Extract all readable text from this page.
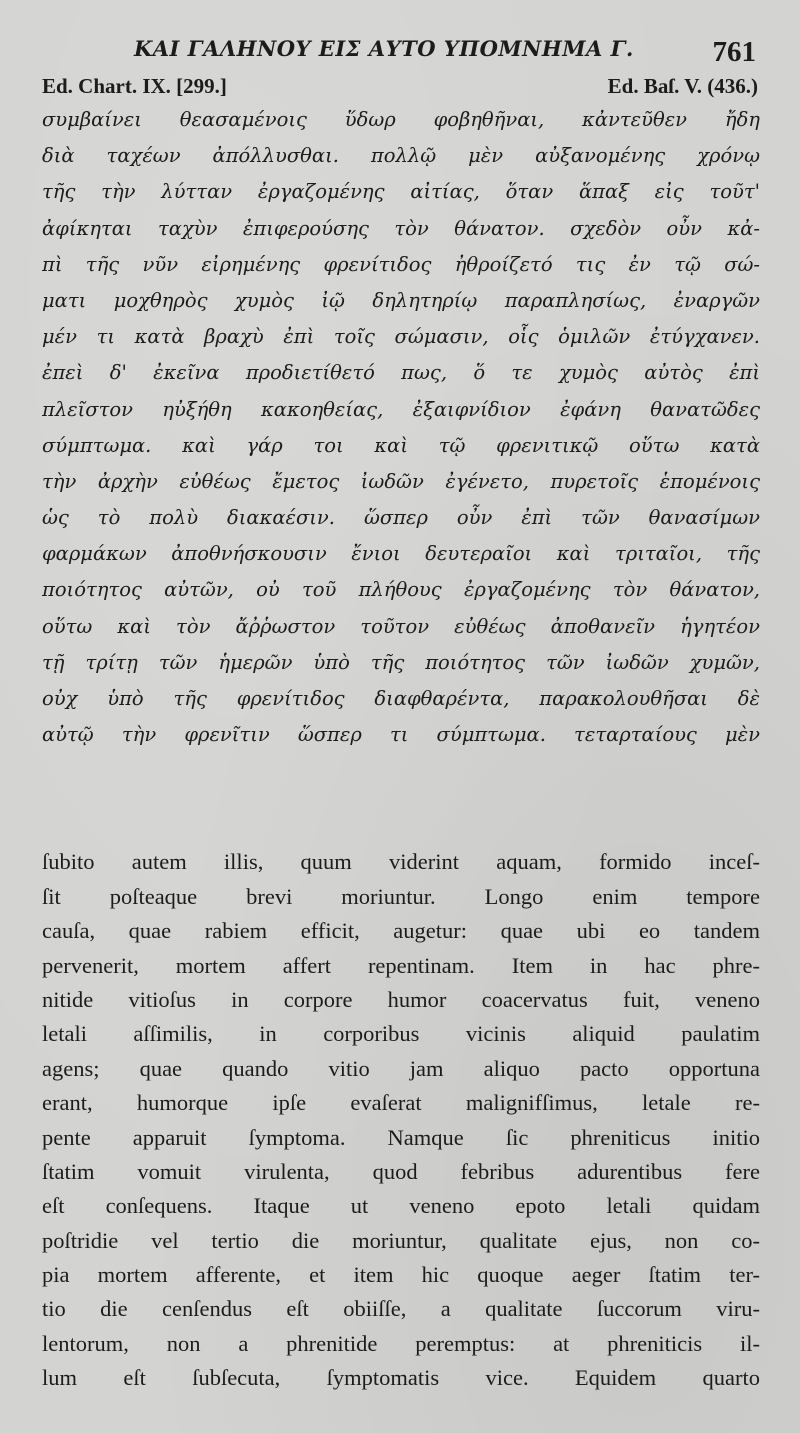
ΚΑΙ ΓΑΛΗΝΟΥ ΕΙΣ ΑΥΤΟ ΥΠΟΜΝΗΜΑ Γ.	761
Ed. Chart. IX. [299.]	Ed. Baſ. V. (436.)
συμβαίνει θεασαμένοις ὕδωρ φοβηθῆναι, κἀντεῦθεν ἤδη
διὰ ταχέων ἀπόλλυσθαι. πολλῷ μὲν αὐξανομένης χρόνῳ
τῆς τὴν λύτταν ἐργαζομένης αἰτίας, ὅταν ἅπαξ εἰς τοῦτ'
ἀφίκηται ταχὺν ἐπιφερούσης τὸν θάνατον. σχεδὸν οὖν κἀ-
πὶ τῆς νῦν εἰρημένης φρενίτιδος ἠθροίζετό τις ἐν τῷ σώ-
ματι μοχθηρὸς χυμὸς ἰῷ δηλητηρίῳ παραπλησίως, ἐναργῶν
μέν τι κατὰ βραχὺ ἐπὶ τοῖς σώμασιν, οἷς ὁμιλῶν ἐτύγχανεν.
ἐπεὶ δ' ἐκεῖνα προδιετίθετό πως, ὅ τε χυμὸς αὐτὸς ἐπὶ
πλεῖστον ηὐξήθη κακοηθείας, ἐξαιφνίδιον ἐφάνη θανατῶδες
σύμπτωμα. καὶ γάρ τοι καὶ τῷ φρενιτικῷ οὕτω κατὰ
τὴν ἀρχὴν εὐθέως ἔμετος ἰωδῶν ἐγένετο, πυρετοῖς ἑπομένοις
ὡς τὸ πολὺ διακαέσιν. ὥσπερ οὖν ἐπὶ τῶν θανασίμων
φαρμάκων ἀποθνήσκουσιν ἔνιοι δευτεραῖοι καὶ τριταῖοι, τῆς
ποιότητος αὐτῶν, οὐ τοῦ πλήθους ἐργαζομένης τὸν θάνατον,
οὕτω καὶ τὸν ἄῤῥωστον τοῦτον εὐθέως ἀποθανεῖν ἡγητέον
τῇ τρίτῃ τῶν ἡμερῶν ὑπὸ τῆς ποιότητος τῶν ἰωδῶν χυμῶν,
οὐχ ὑπὸ τῆς φρενίτιδος διαφθαρέντα, παρακολουθῆσαι δὲ
αὐτῷ τὴν φρενῖτιν ὥσπερ τι σύμπτωμα. τεταρταίους μὲν
ſubito autem illis, quum viderint aquam, formido inceſ-
ſit poſteaque brevi moriuntur. Longo enim tempore
cauſa, quae rabiem efficit, augetur: quae ubi eo tandem
pervenerit, mortem affert repentinam. Item in hac phre-
nitide vitioſus in corpore humor coacervatus fuit, veneno
letali aſſimilis, in corporibus vicinis aliquid paulatim
agens; quae quando vitio jam aliquo pacto opportuna
erant, humorque ipſe evaſerat malignifſimus, letale re-
pente apparuit ſymptoma. Namque ſic phreniticus initio
ſtatim vomuit virulenta, quod febribus adurentibus fere
eſt conſequens. Itaque ut veneno epoto letali quidam
poſtridie vel tertio die moriuntur, qualitate ejus, non co-
pia mortem afferente, et item hic quoque aeger ſtatim ter-
tio die cenſendus eſt obiiſſe, a qualitate ſuccorum viru-
lentorum, non a phrenitide peremptus: at phreniticis il-
lum eſt ſubſecuta, ſymptomatis vice. Equidem quarto
